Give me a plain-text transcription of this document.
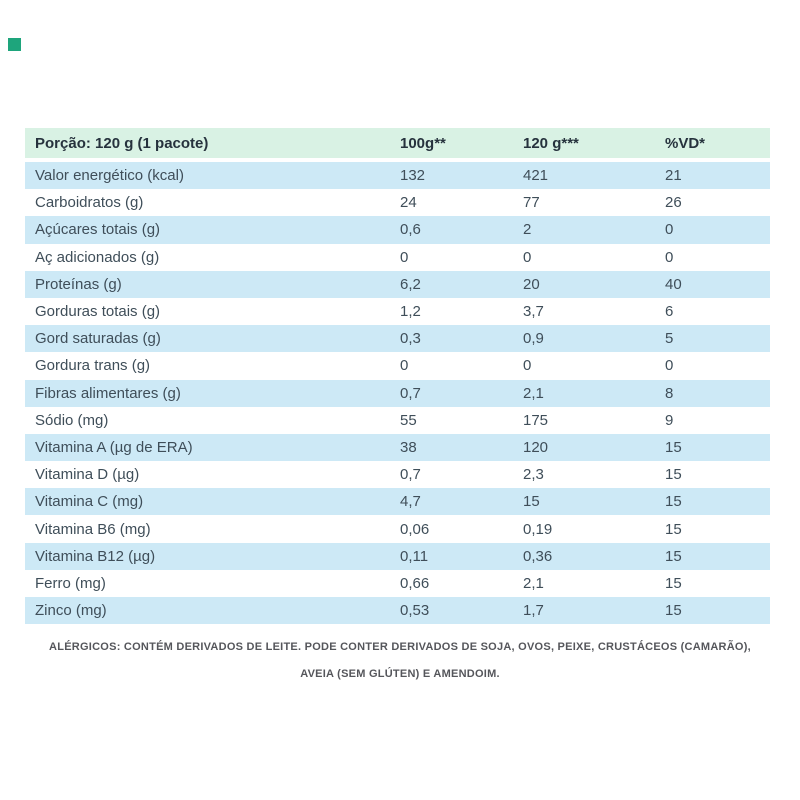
Porção: 120 g (1 pacote)	100g**	120 g***	%VD*
Valor energético (kcal)	132	421	21
Carboidratos (g)	24	77	26
Açúcares totais (g)	0,6	2	0
Aç adicionados (g)	0	0	0
Proteínas (g)	6,2	20	40
Gorduras totais (g)	1,2	3,7	6
Gord saturadas (g)	0,3	0,9	5
Gordura trans (g)	0	0	0
Fibras alimentares (g)	0,7	2,1	8
Sódio (mg)	55	175	9
Vitamina A (µg de ERA)	38	120	15
Vitamina D (µg)	0,7	2,3	15
Vitamina C (mg)	4,7	15	15
Vitamina B6 (mg)	0,06	0,19	15
Vitamina B12 (µg)	0,11	0,36	15
Ferro (mg)	0,66	2,1	15
Zinco (mg)	0,53	1,7	15
ALÉRGICOS: CONTÉM DERIVADOS DE LEITE. PODE CONTER DERIVADOS DE SOJA, OVOS, PEIXE, CRUSTÁCEOS (CAMARÃO),
AVEIA (SEM GLÚTEN) E AMENDOIM.
